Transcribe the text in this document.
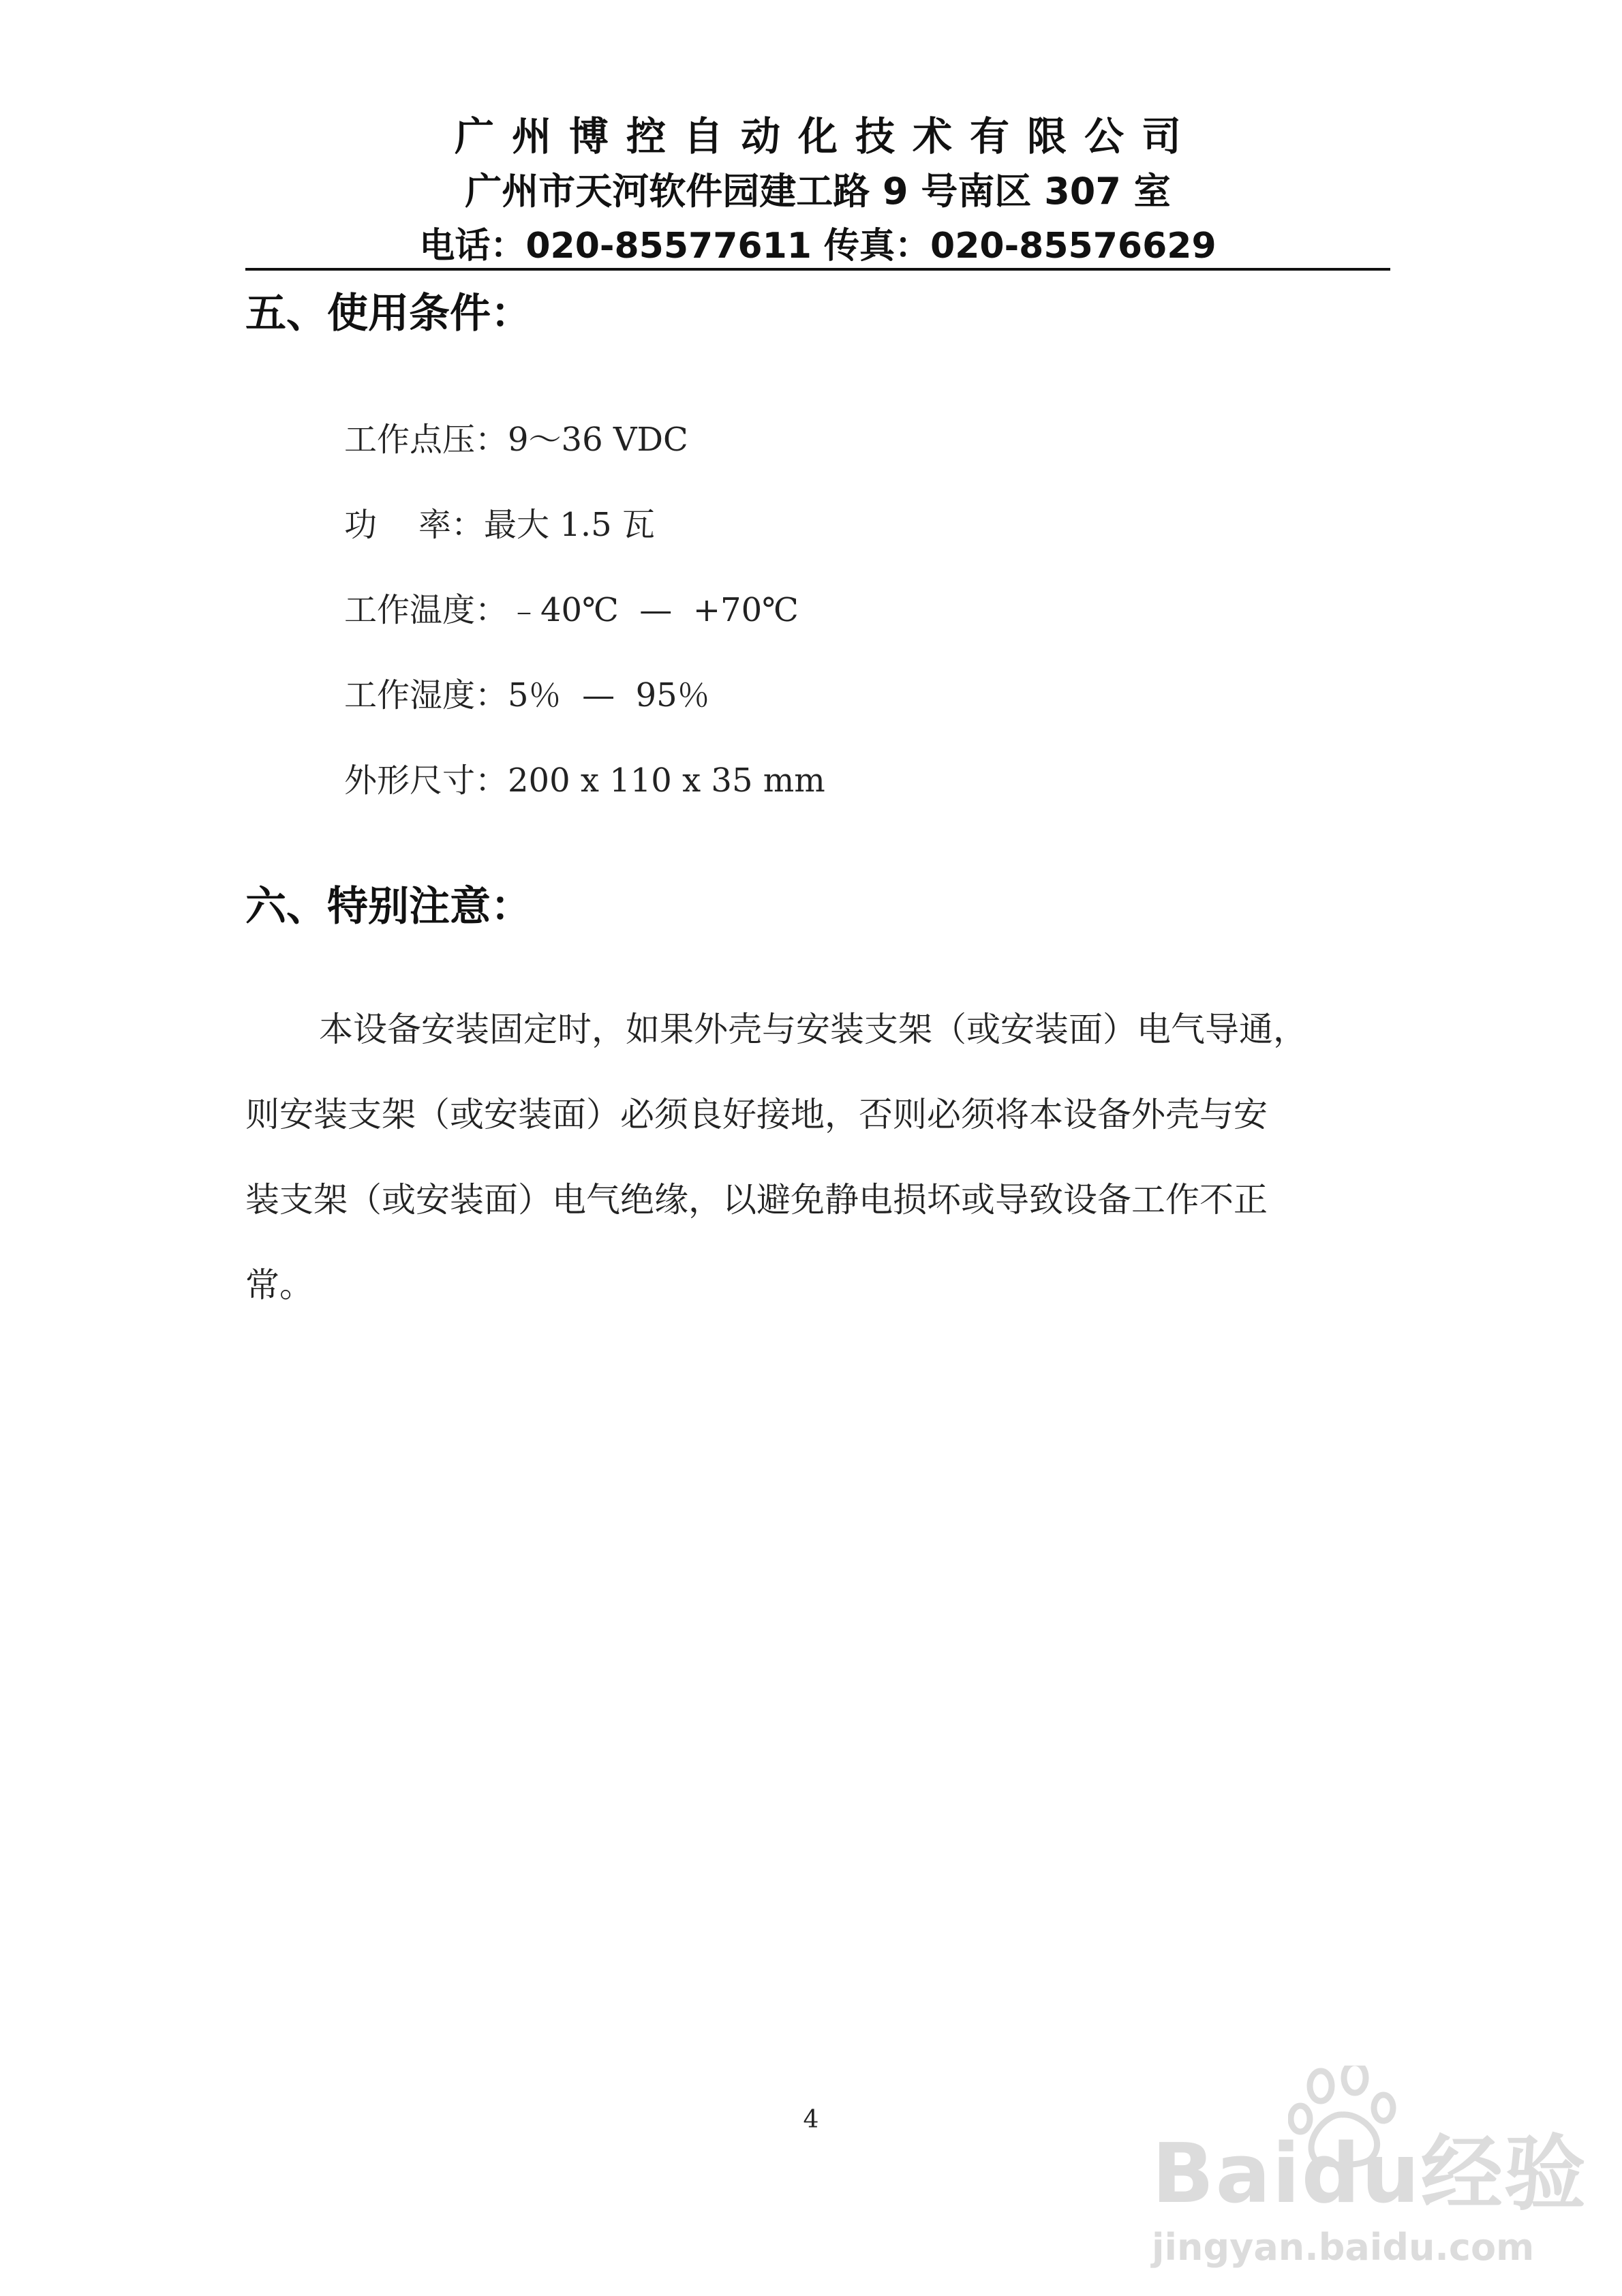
广州博控自动化技术有限公司
广州市天河软件园建工路 9 号南区 307 室
电话：020-85577611 传真：020-85576629
五、使用条件：
工作点压：9～36 VDC
功    率：最大 1.5 瓦
工作温度：﹣40℃  —  +70℃
工作湿度：5％  —  95％
外形尺寸：200 x 110 x 35 mm
六、特别注意：
本设备安装固定时，如果外壳与安装支架（或安装面）电气导通，
则安装支架（或安装面）必须良好接地，否则必须将本设备外壳与安
装支架（或安装面）电气绝缘，以避免静电损坏或导致设备工作不正
常。
4
Baidu经验
jingyan.baidu.com
